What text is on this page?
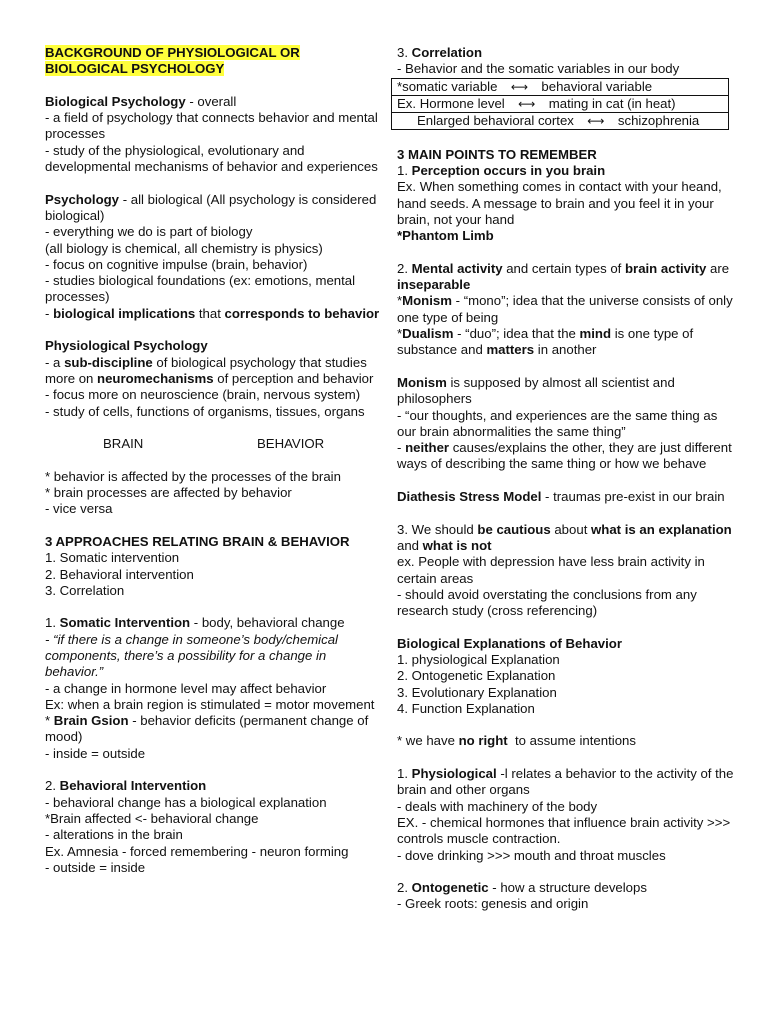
BACKGROUND OF PHYSIOLOGICAL OR
BIOLOGICAL PSYCHOLOGY
Biological Psychology - overall
- a field of psychology that connects behavior and mental processes
- study of the physiological, evolutionary and developmental mechanisms of behavior and experiences
Psychology - all biological (All psychology is considered biological)
- everything we do is part of biology
(all biology is chemical, all chemistry is physics)
- focus on cognitive impulse (brain, behavior)
- studies biological foundations (ex: emotions, mental processes)
- biological implications that corresponds to behavior
Physiological Psychology
- a sub-discipline of biological psychology that studies more on neuromechanisms of perception and behavior
- focus more on neuroscience (brain, nervous system)
- study of cells, functions of organisms, tissues, organs
BRAIN	BEHAVIOR
* behavior is affected by the processes of the brain
* brain processes are affected by behavior
- vice versa
3 APPROACHES RELATING BRAIN & BEHAVIOR
1. Somatic intervention
2. Behavioral intervention
3. Correlation
1. Somatic Intervention - body, behavioral change
- “if there is a change in someone’s body/chemical components, there’s a possibility for a change in behavior.”
- a change in hormone level may affect behavior
Ex: when a brain region is stimulated = motor movement
* Brain Gsion - behavior deficits (permanent change of mood)
- inside = outside
2. Behavioral Intervention
- behavioral change has a biological explanation
*Brain affected <- behavioral change
- alterations in the brain
Ex. Amnesia - forced remembering - neuron forming
- outside = inside
3. Correlation
- Behavior and the somatic variables in our body
*somatic variable ⟷ behavioral variable
Ex. Hormone level ⟷ mating in cat (in heat)
Enlarged behavioral cortex ⟷ schizophrenia
3 MAIN POINTS TO REMEMBER
1. Perception occurs in you brain
Ex. When something comes in contact with your heand, hand seeds. A message to brain and you feel it in your brain, not your hand
*Phantom Limb
2. Mental activity and certain types of brain activity are inseparable
*Monism - “mono”; idea that the universe consists of only one type of being
*Dualism - “duo”; idea that the mind is one type of substance and matters in another
Monism is supposed by almost all scientist and philosophers
- “our thoughts, and experiences are the same thing as our brain abnormalities the same thing”
- neither causes/explains the other, they are just different ways of describing the same thing or how we behave
Diathesis Stress Model - traumas pre-exist in our brain
3. We should be cautious about what is an explanation and what is not
ex. People with depression have less brain activity in certain areas
- should avoid overstating the conclusions from any research study (cross referencing)
Biological Explanations of Behavior
1. physiological Explanation
2. Ontogenetic Explanation
3. Evolutionary Explanation
4. Function Explanation
* we have no right  to assume intentions
1. Physiological -l relates a behavior to the activity of the brain and other organs
- deals with machinery of the body
EX. - chemical hormones that influence brain activity >>> controls muscle contraction.
- dove drinking >>> mouth and throat muscles
2. Ontogenetic - how a structure develops
- Greek roots: genesis and origin
